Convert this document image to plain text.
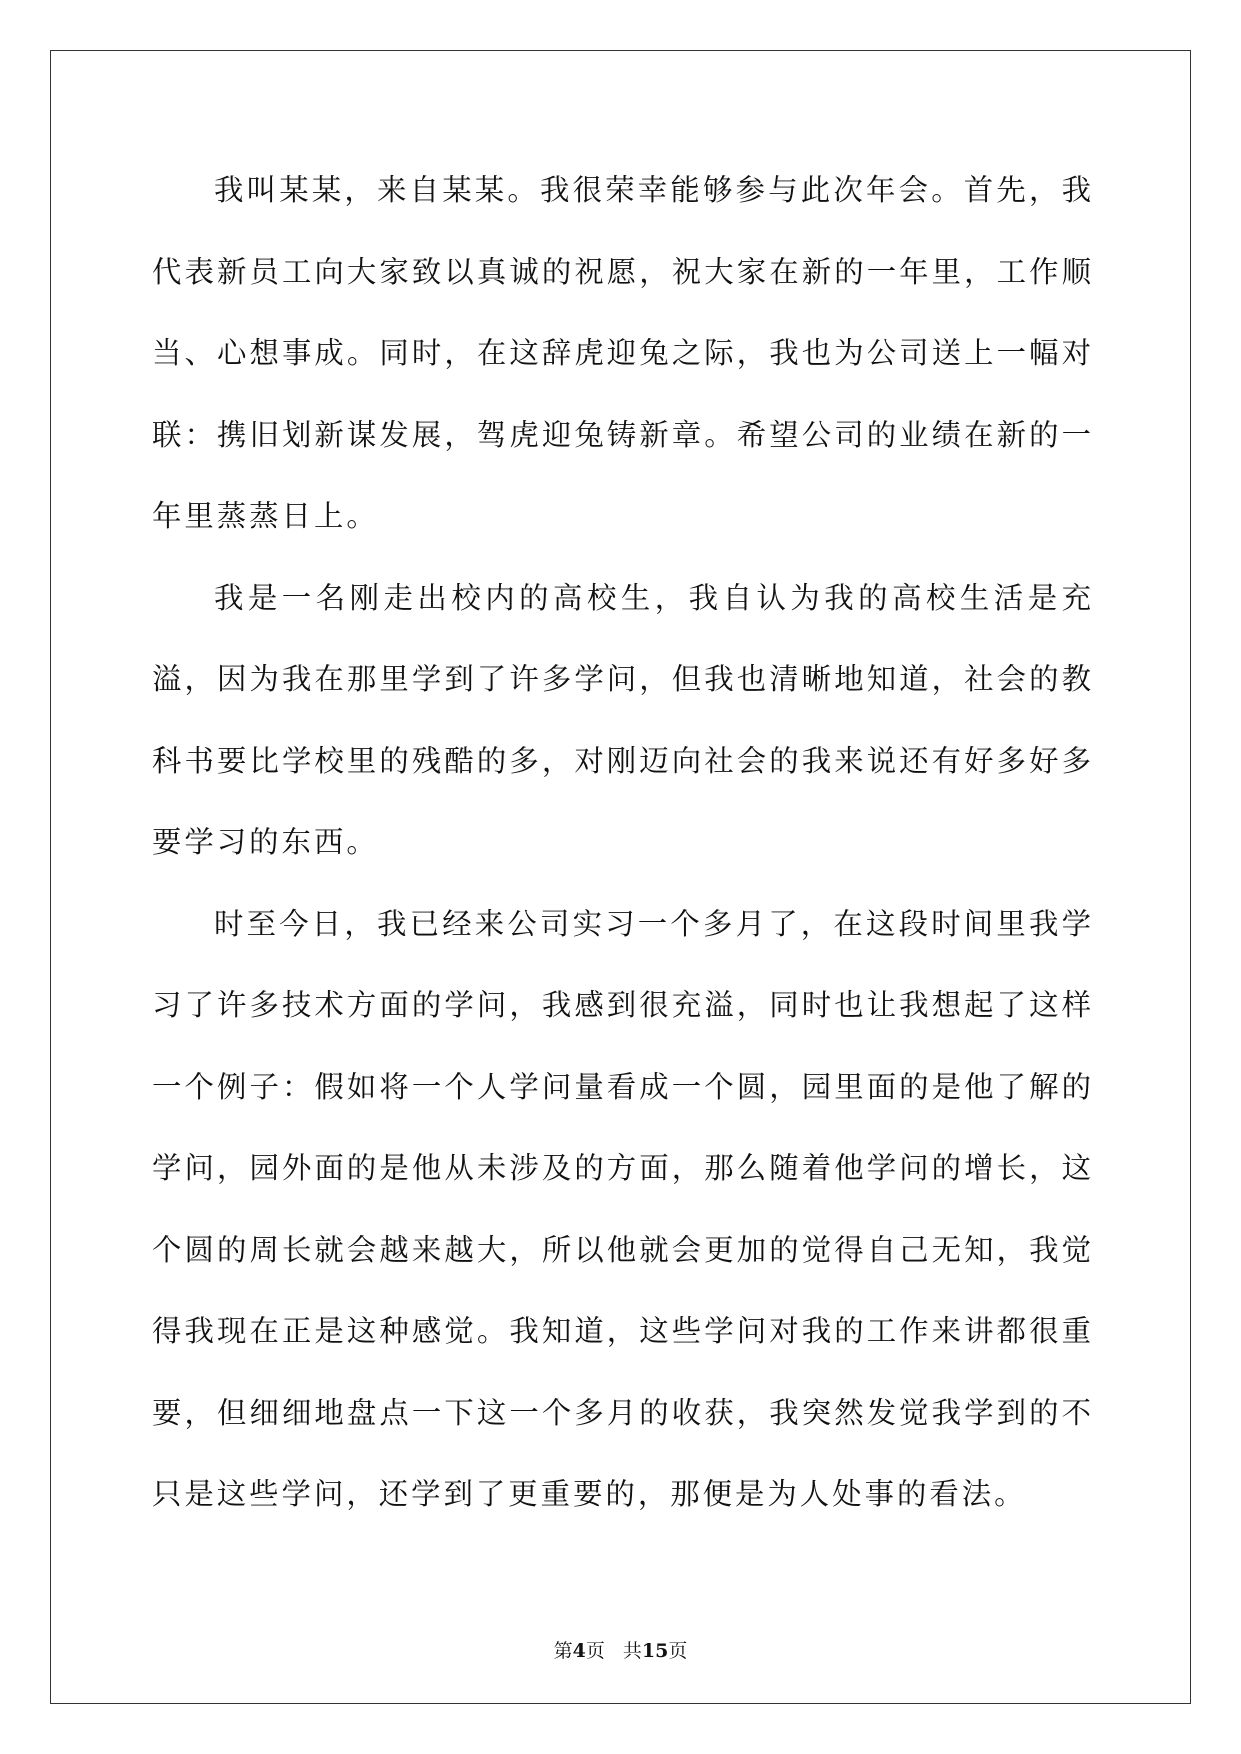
我叫某某，来自某某。我很荣幸能够参与此次年会。首先，我代表新员工向大家致以真诚的祝愿，祝大家在新的一年里，工作顺当、心想事成。同时，在这辞虎迎兔之际，我也为公司送上一幅对联：携旧划新谋发展，驾虎迎兔铸新章。希望公司的业绩在新的一年里蒸蒸日上。

我是一名刚走出校内的高校生，我自认为我的高校生活是充溢，因为我在那里学到了许多学问，但我也清晰地知道，社会的教科书要比学校里的残酷的多，对刚迈向社会的我来说还有好多好多要学习的东西。

时至今日，我已经来公司实习一个多月了，在这段时间里我学习了许多技术方面的学问，我感到很充溢，同时也让我想起了这样一个例子：假如将一个人学问量看成一个圆，园里面的是他了解的学问，园外面的是他从未涉及的方面，那么随着他学问的增长，这个圆的周长就会越来越大，所以他就会更加的觉得自己无知，我觉得我现在正是这种感觉。我知道，这些学问对我的工作来讲都很重要，但细细地盘点一下这一个多月的收获，我突然发觉我学到的不只是这些学问，还学到了更重要的，那便是为人处事的看法。

第4页 共15页
